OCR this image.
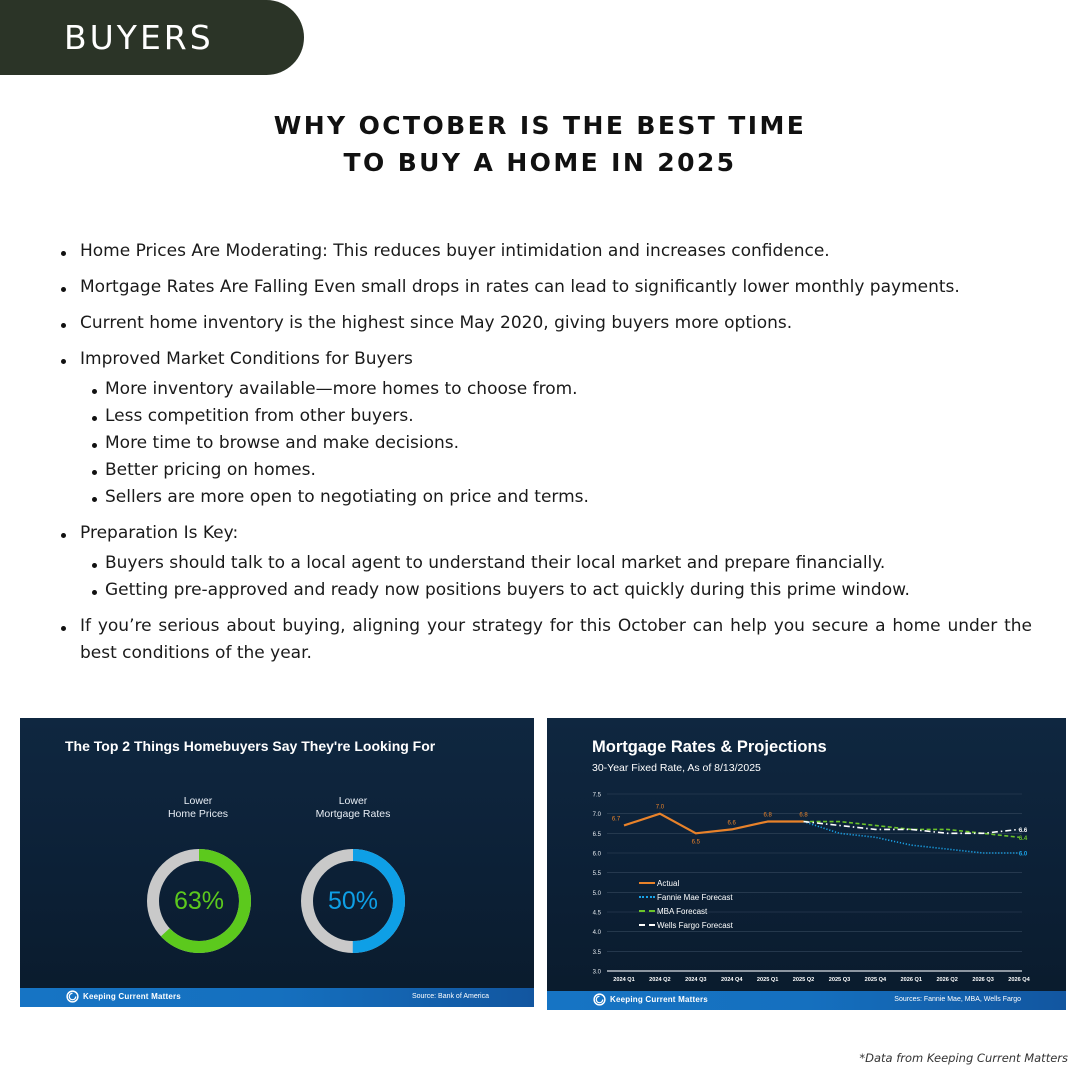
BUYERS
WHY OCTOBER IS THE BEST TIME
TO BUY A HOME IN 2025
Home Prices Are Moderating: This reduces buyer intimidation and increases confidence.
Mortgage Rates Are Falling Even small drops in rates can lead to significantly lower monthly payments.
Current home inventory is the highest since May 2020, giving buyers more options.
Improved Market Conditions for Buyers
More inventory available—more homes to choose from.
Less competition from other buyers.
More time to browse and make decisions.
Better pricing on homes.
Sellers are more open to negotiating on price and terms.
Preparation Is Key:
Buyers should talk to a local agent to understand their local market and prepare financially.
Getting pre-approved and ready now positions buyers to act quickly during this prime window.
If you’re serious about buying, aligning your strategy for this October can help you secure a home under the best conditions of the year.
The Top 2 Things Homebuyers Say They're Looking For
Lower
Home Prices
63%
Lower
Mortgage Rates
50%
Keeping Current Matters	Source: Bank of America
Mortgage Rates & Projections
30-Year Fixed Rate, As of 8/13/2025
3.0
3.5
4.0
4.5
5.0
5.5
6.0
6.5
7.0
7.5
2024 Q1	2024 Q2	2024 Q3	2024 Q4	2025 Q1	2025 Q2	2025 Q3	2025 Q4	2026 Q1	2026 Q2	2026 Q3	2026 Q4
6.0
6.4
6.6
6.7
7.0
6.5
6.6
6.8	6.8
Actual
Fannie Mae Forecast
MBA Forecast
Wells Fargo Forecast
Keeping Current Matters	Sources: Fannie Mae, MBA, Wells Fargo
*Data from Keeping Current Matters
